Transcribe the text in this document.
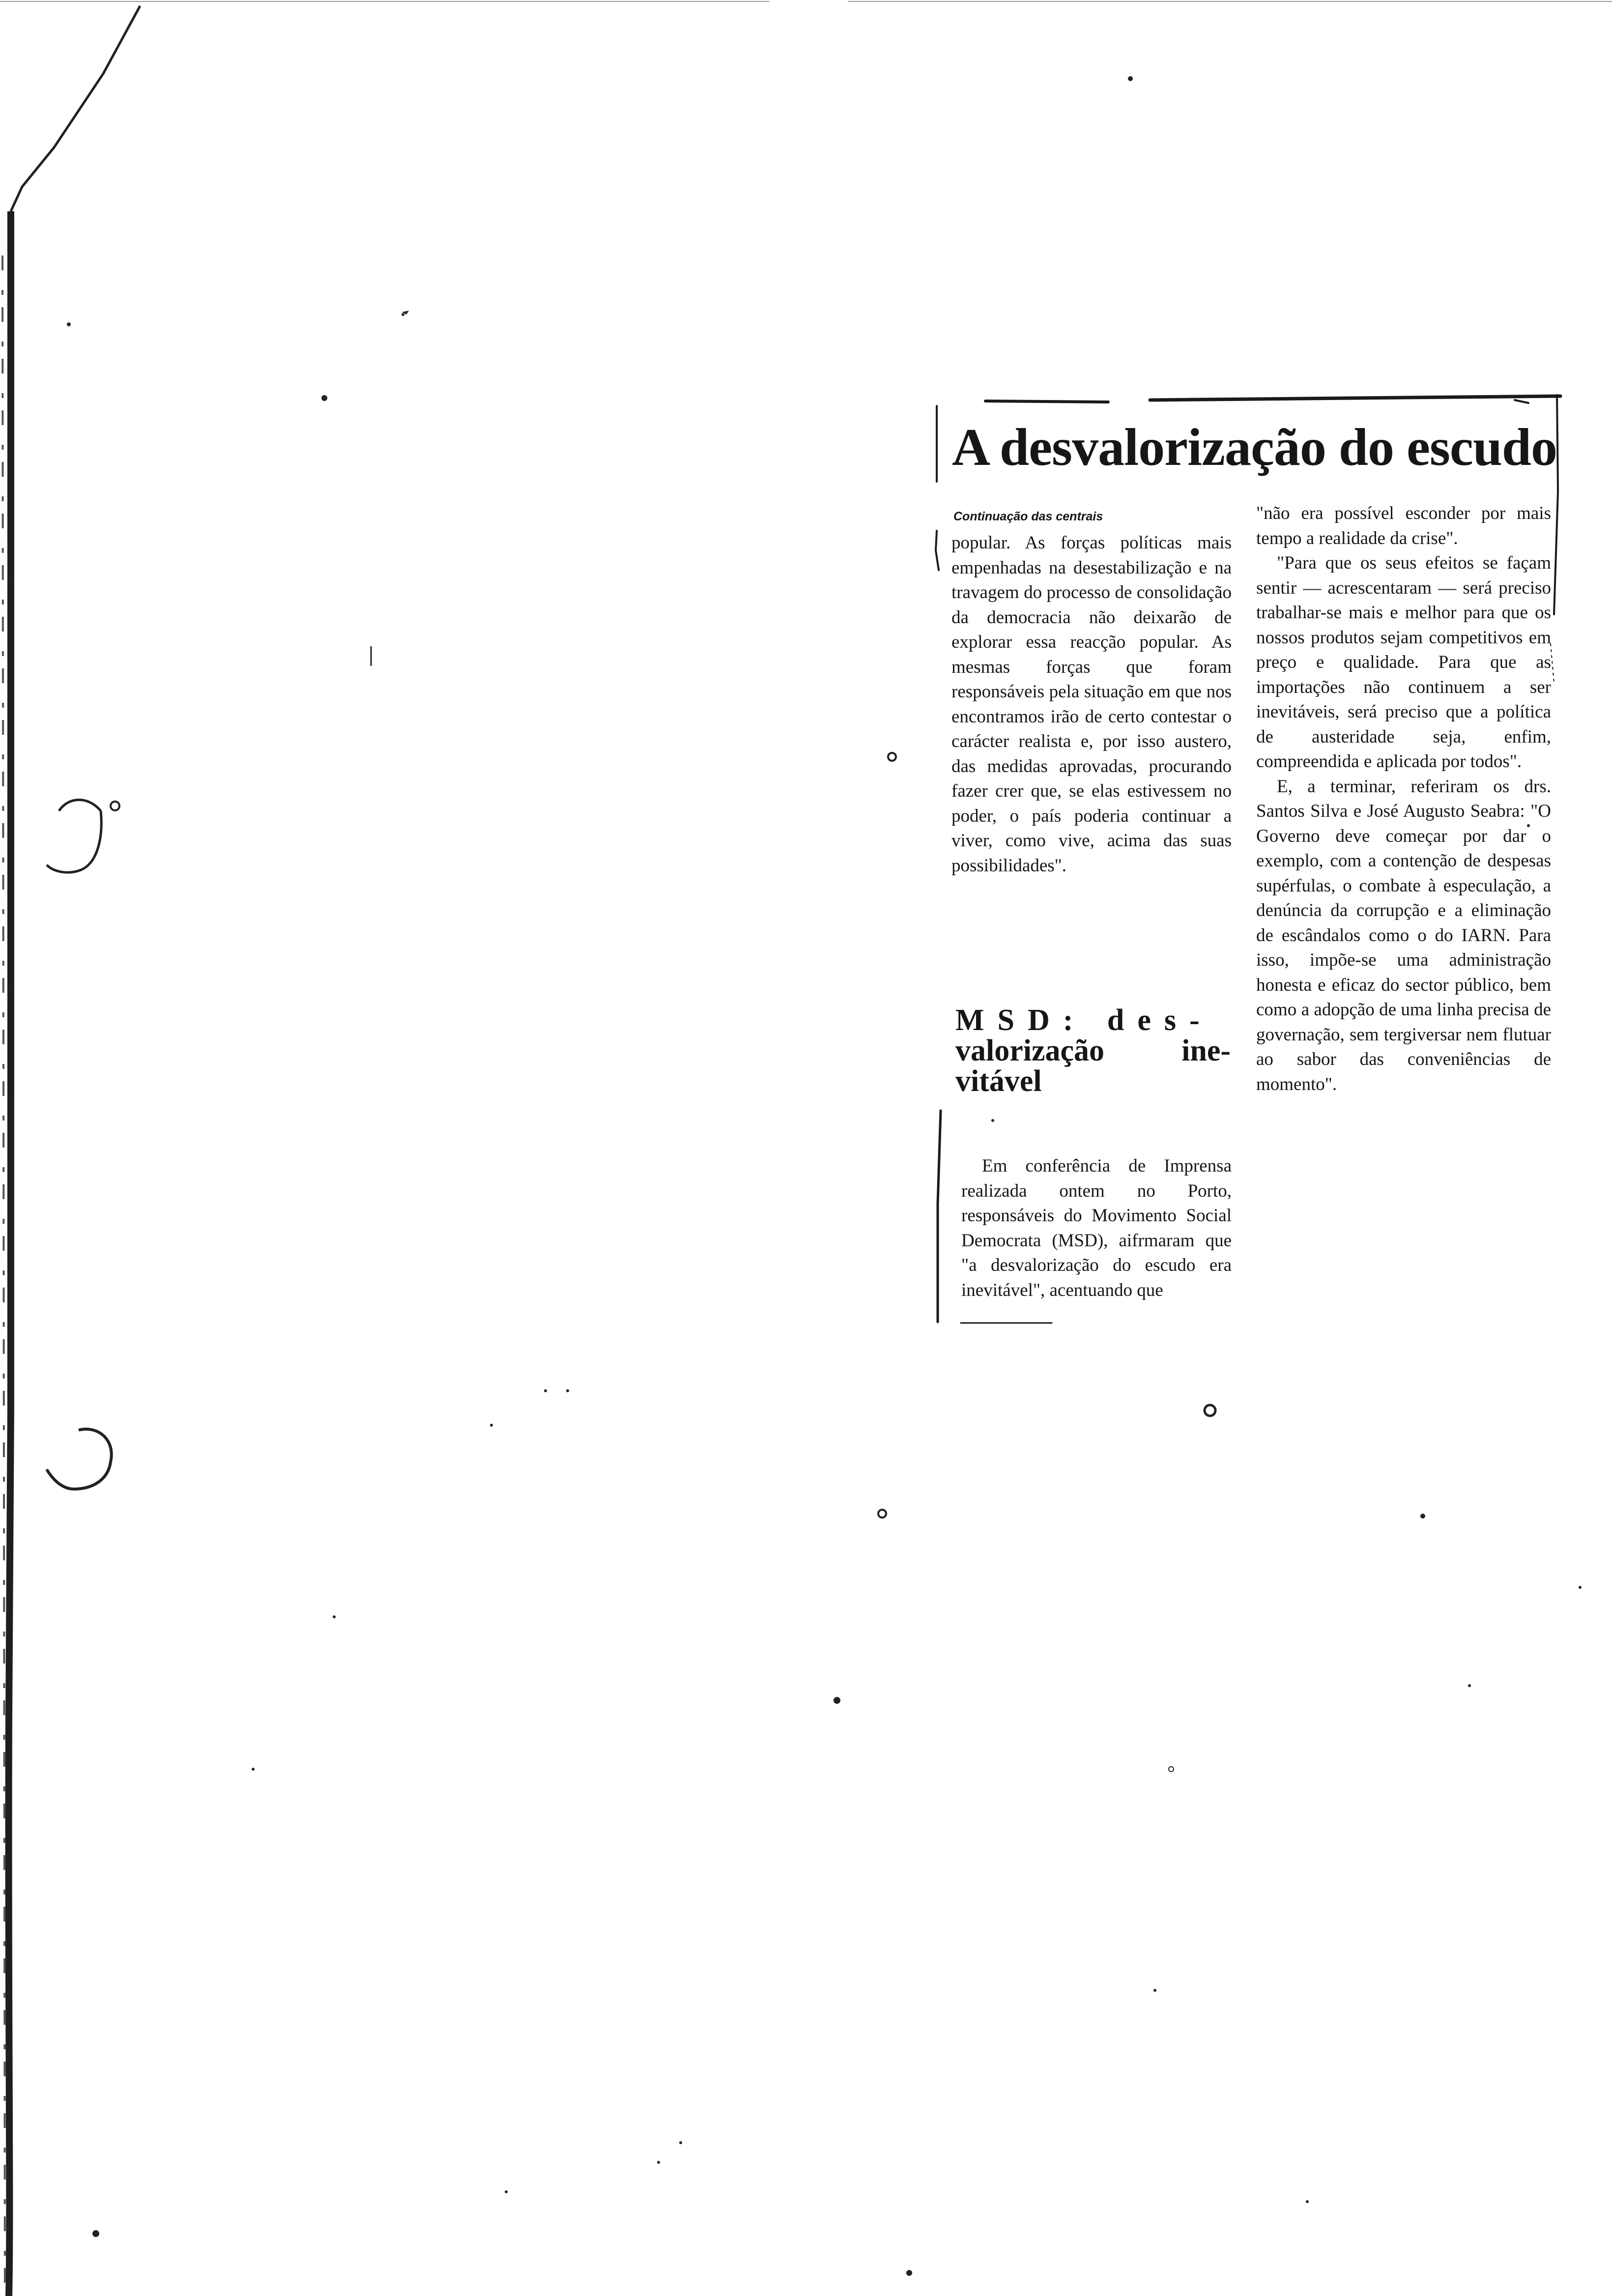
A desvalorização do escudo
Continuação das centrais

popular. As forças políticas mais empenhadas na desestabilização e na travagem do processo de consolidação da democracia não deixarão de explorar essa reacção popular. As mesmas forças que foram responsáveis pela situação em que nos encontramos irão de certo contestar o carácter realista e, por isso austero, das medidas aprovadas, procurando fazer crer que, se elas estivessem no poder, o país poderia continuar a viver, como vive, acima das suas possibilidades".

MSD: des-
valorização	ine-
vitável

Em conferência de Imprensa realizada ontem no Porto, responsáveis do Movimento Social Democrata (MSD), aifrmaram que "a desvalorização do escudo era inevitável", acentuando que

"não era possível esconder por mais tempo a realidade da crise".

"Para que os seus efeitos se façam sentir — acrescentaram — será preciso trabalhar-se mais e melhor para que os nossos produtos sejam competitivos em preço e qualidade. Para que as importações não continuem a ser inevitáveis, será preciso que a política de austeridade seja, enfim, compreendida e aplicada por todos".

E, a terminar, referiram os drs. Santos Silva e José Augusto Seabra: "O Governo deve começar por dar o exemplo, com a contenção de despesas supérfulas, o combate à especulação, a denúncia da corrupção e a eliminação de escândalos como o do IARN. Para isso, impõe-se uma administração honesta e eficaz do sector público, bem como a adopção de uma linha precisa de governação, sem tergiversar nem flutuar ao sabor das conveniências de momento".
